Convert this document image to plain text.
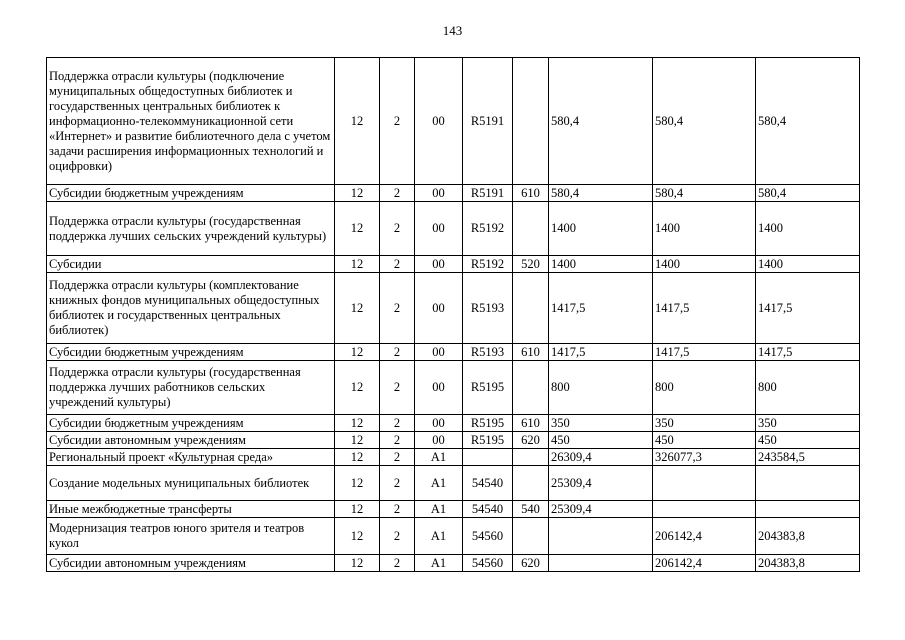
143
Поддержка отрасли культуры (подключение муниципальных общедоступных библиотек и государственных центральных библиотек к информационно-телекоммуникационной сети «Интернет» и развитие библиотечного дела с учетом задачи расширения информационных технологий и оцифровки)	12	2	00	R5191		580,4	580,4	580,4
Субсидии бюджетным учреждениям	12	2	00	R5191	610	580,4	580,4	580,4
Поддержка отрасли культуры (государственная поддержка лучших сельских учреждений культуры)	12	2	00	R5192		1400	1400	1400
Субсидии	12	2	00	R5192	520	1400	1400	1400
Поддержка отрасли культуры (комплектование книжных фондов муниципальных общедоступных библиотек и государственных центральных библиотек)	12	2	00	R5193		1417,5	1417,5	1417,5
Субсидии бюджетным учреждениям	12	2	00	R5193	610	1417,5	1417,5	1417,5
Поддержка отрасли культуры (государственная поддержка лучших работников сельских учреждений культуры)	12	2	00	R5195		800	800	800
Субсидии бюджетным учреждениям	12	2	00	R5195	610	350	350	350
Субсидии автономным учреждениям	12	2	00	R5195	620	450	450	450
Региональный проект «Культурная среда»	12	2	А1			26309,4	326077,3	243584,5
Создание модельных муниципальных библиотек	12	2	А1	54540		25309,4		
Иные межбюджетные трансферты	12	2	А1	54540	540	25309,4		
Модернизация театров юного зрителя и театров кукол	12	2	А1	54560			206142,4	204383,8
Субсидии автономным учреждениям	12	2	А1	54560	620		206142,4	204383,8
